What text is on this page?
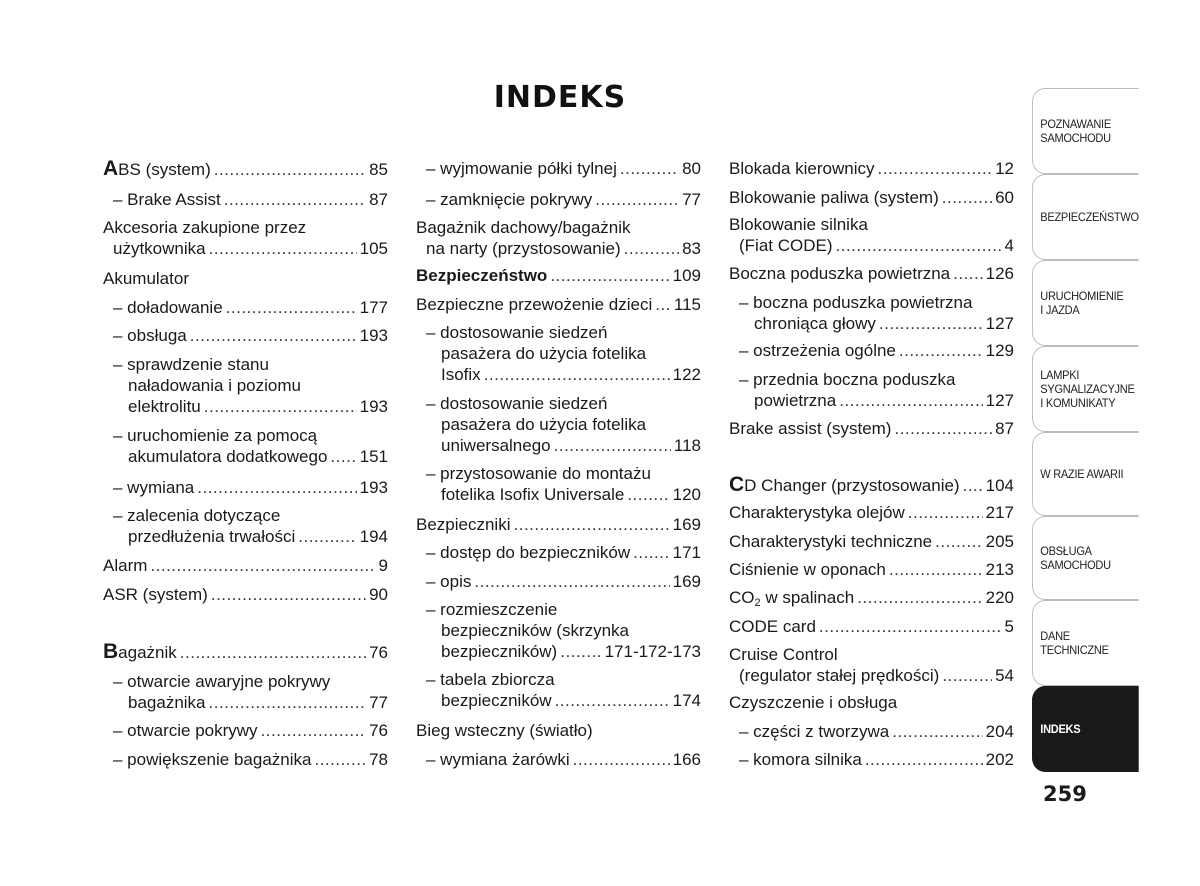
INDEKS
ABS (system) .....	85
– Brake Assist .....	87
Akcesoria zakupione przez
użytkownika .....	105
Akumulator
– doładowanie .....	177
– obsługa .....	193
– sprawdzenie stanu
naładowania i poziomu
elektrolitu .....	193
– uruchomienie za pomocą
akumulatora dodatkowego ..... 151
– wymiana .....	193
– zalecenia dotyczące
przedłużenia trwałości .....	194
Alarm .....	9
ASR (system) .....	90
Bagażnik .....	76
– otwarcie awaryjne pokrywy
bagażnika .....	77
– otwarcie pokrywy .....	76
– powiększenie bagażnika .....	78
– wyjmowanie półki tylnej .....	80
– zamknięcie pokrywy .....	77
Bagażnik dachowy/bagażnik
na narty (przystosowanie) .....	83
Bezpieczeństwo .....	109
Bezpieczne przewożenie dzieci ..... 115
– dostosowanie siedzeń
pasażera do użycia fotelika
Isofix .....	122
– dostosowanie siedzeń
pasażera do użycia fotelika
uniwersalnego .....	118
– przystosowanie do montażu
fotelika Isofix Universale .....	120
Bezpieczniki .....	169
– dostęp do bezpieczników ..... 171
– opis .....	169
– rozmieszczenie
bezpieczników (skrzynka
bezpieczników) .....	171-172-173
– tabela zbiorcza
bezpieczników .....	174
Bieg wsteczny (światło)
– wymiana żarówki .....	166
Blokada kierownicy .....	12
Blokowanie paliwa (system) .....	60
Blokowanie silnika
(Fiat CODE) .....	4
Boczna poduszka powietrzna ..... 126
– boczna poduszka powietrzna
chroniąca głowy .....	127
– ostrzeżenia ogólne .....	129
– przednia boczna poduszka
powietrzna .....	127
Brake assist (system) .....	87
CD Changer (przystosowanie) ..... 104
Charakterystyka olejów .....	217
Charakterystyki techniczne .....	205
Ciśnienie w oponach .....	213
$CO_2$ w spalinach .....	220
CODE card .....	5
Cruise Control
(regulator stałej prędkości) .....	54
Czyszczenie i obsługa
– części z tworzywa .....	204
– komora silnika .....	202
POZNAWANIE
SAMOCHODU
BEZPIECZEŃSTWO
URUCHOMIENIE
I JAZDA
LAMPKI
SYGNALIZACYJNE
I KOMUNIKATY
W RAZIE AWARII
OBSŁUGA
SAMOCHODU
DANE
TECHNICZNE
INDEKS
259
